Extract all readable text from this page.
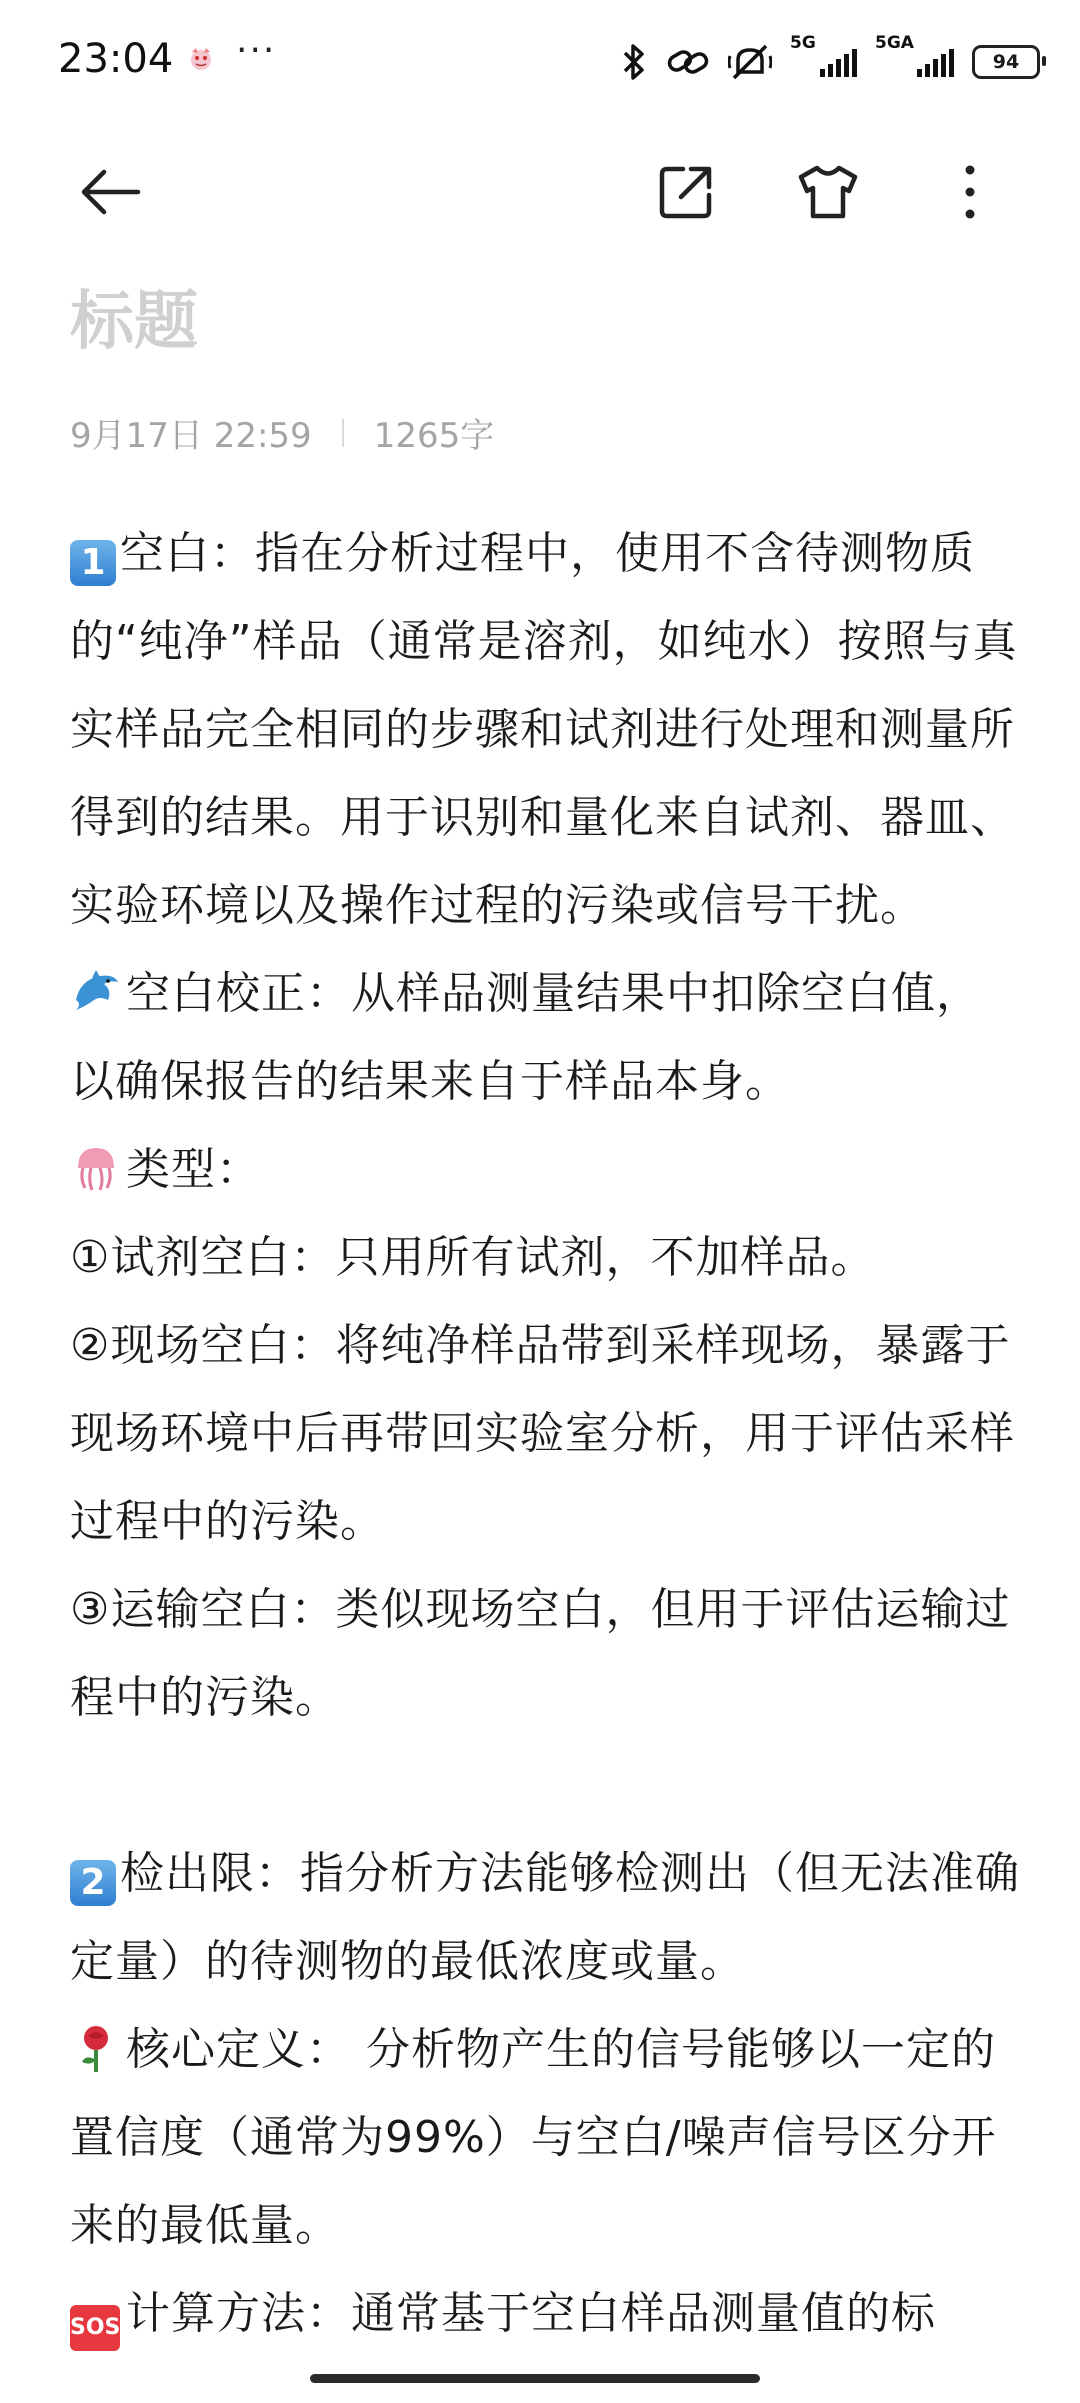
23:04 ···	5G	5GA
94
标题
9月17日 22:59 1265字

1 空白：指在分析过程中，使用不含待测物质的“纯净”样品（通常是溶剂，如纯水）按照与真实样品完全相同的步骤和试剂进行处理和测量所得到的结果。用于识别和量化来自试剂、器皿、实验环境以及操作过程的污染或信号干扰。

空白校正：从样品测量结果中扣除空白值，以确保报告的结果来自于样品本身。

类型：

①试剂空白：只用所有试剂，不加样品。

②现场空白：将纯净样品带到采样现场，暴露于现场环境中后再带回实验室分析，用于评估采样过程中的污染。

③运输空白：类似现场空白，但用于评估运输过程中的污染。

2 检出限：指分析方法能够检测出（但无法准确定量）的待测物的最低浓度或量。

核心定义： 分析物产生的信号能够以一定的置信度（通常为99%）与空白/噪声信号区分开来的最低量。

SOS 计算方法：通常基于空白样品测量值的标
